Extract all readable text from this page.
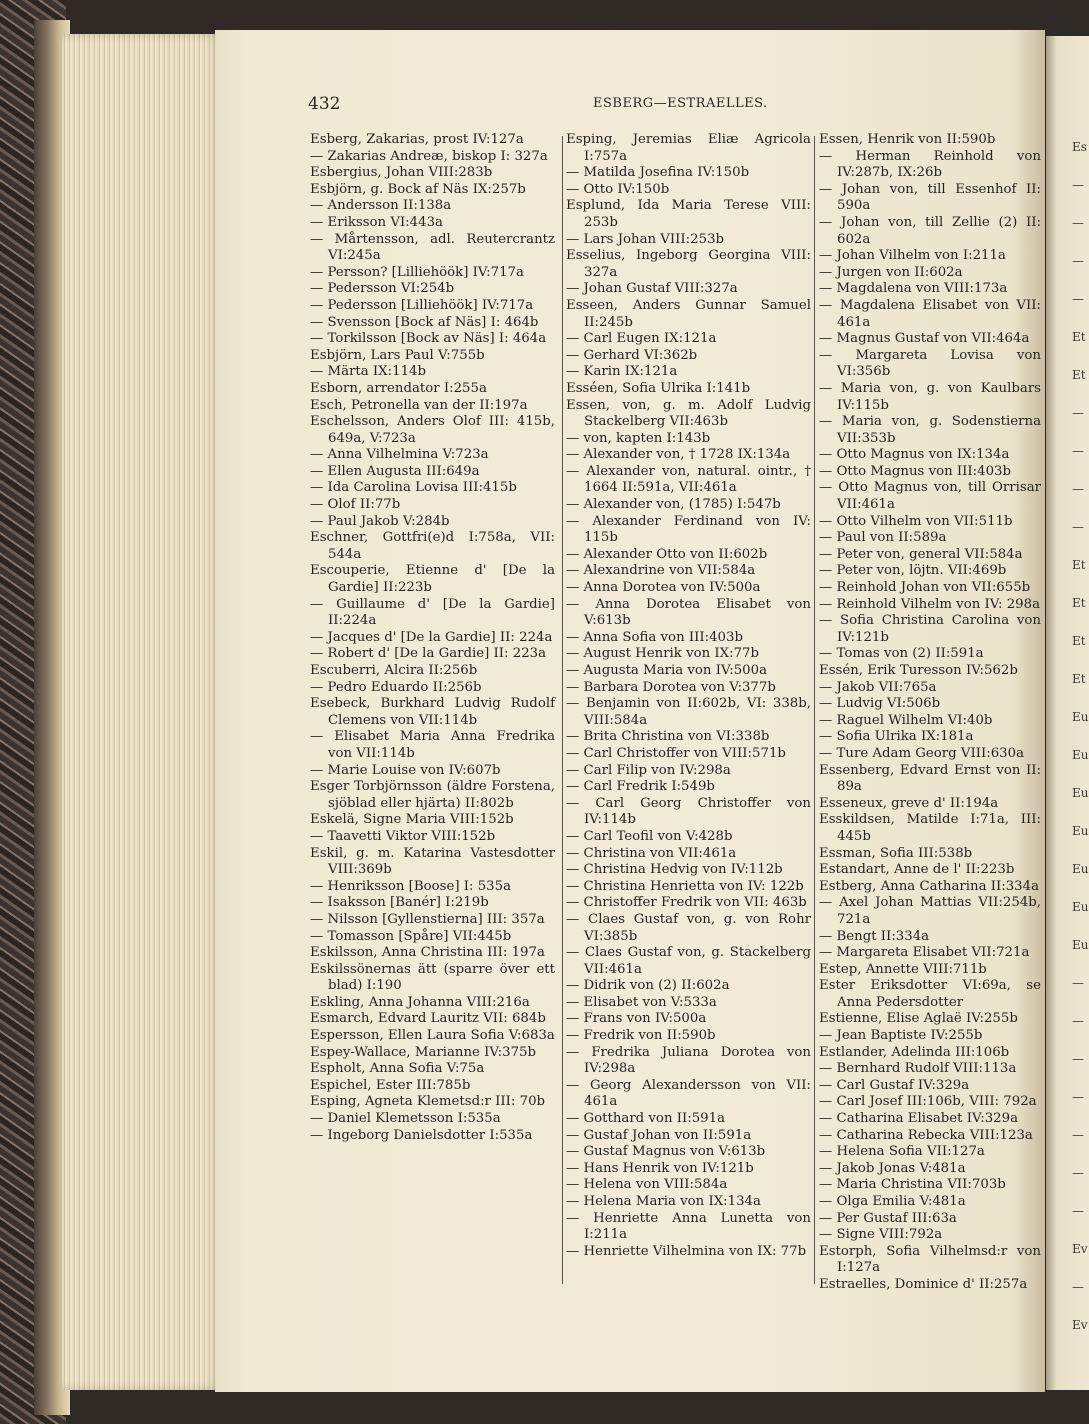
Es
—
—
—
—
Et
Et
—
—
—
—
Et
Et
Et
Et
Eu
Eu
Eu
Eu
Eu
Eu
Eu
—
—
—
—
—
—
—
Ev
—
Ev
432	ESBERG—ESTRAELLES.
Esberg, Zakarias, prost IV:127a
— Zakarias Andreæ, biskop I: 327a
Esbergius, Johan VIII:283b
Esbjörn, g. Bock af Näs IX:257b
— Andersson II:138a
— Eriksson VI:443a
— Mårtensson, adl. Reutercrantz VI:245a
— Persson? [Lilliehöök] IV:717a
— Pedersson VI:254b
— Pedersson [Lilliehöök] IV:717a
— Svensson [Bock af Näs] I: 464b
— Torkilsson [Bock av Näs] I: 464a
Esbjörn, Lars Paul V:755b
— Märta IX:114b
Esborn, arrendator I:255a
Esch, Petronella van der II:197a
Eschelsson, Anders Olof III: 415b, 649a, V:723a
— Anna Vilhelmina V:723a
— Ellen Augusta III:649a
— Ida Carolina Lovisa III:415b
— Olof II:77b
— Paul Jakob V:284b
Eschner, Gottfri(e)d I:758a, VII: 544a
Escouperie, Etienne d' [De la Gardie] II:223b
— Guillaume d' [De la Gardie] II:224a
— Jacques d' [De la Gardie] II: 224a
— Robert d' [De la Gardie] II: 223a
Escuberri, Alcira II:256b
— Pedro Eduardo II:256b
Esebeck, Burkhard Ludvig Rudolf Clemens von VII:114b
— Elisabet Maria Anna Fredrika von VII:114b
— Marie Louise von IV:607b
Esger Torbjörnsson (äldre Forstena, sjöblad eller hjärta) II:802b
Eskelä, Signe Maria VIII:152b
— Taavetti Viktor VIII:152b
Eskil, g. m. Katarina Vastesdotter VIII:369b
— Henriksson [Boose] I: 535a
— Isaksson [Banér] I:219b
— Nilsson [Gyllenstierna] III: 357a
— Tomasson [Spåre] VII:445b
Eskilsson, Anna Christina III: 197a
Eskilssönernas ätt (sparre över ett blad) I:190
Eskling, Anna Johanna VIII:216a
Esmarch, Edvard Lauritz VII: 684b
Espersson, Ellen Laura Sofia V:683a
Espey-Wallace, Marianne IV:375b
Espholt, Anna Sofia V:75a
Espichel, Ester III:785b
Esping, Agneta Klemetsd:r III: 70b
— Daniel Klemetsson I:535a
— Ingeborg Danielsdotter I:535a
Esping, Jeremias Eliæ Agricola I:757a
— Matilda Josefina IV:150b
— Otto IV:150b
Esplund, Ida Maria Terese VIII: 253b
— Lars Johan VIII:253b
Esselius, Ingeborg Georgina VIII: 327a
— Johan Gustaf VIII:327a
Esseen, Anders Gunnar Samuel II:245b
— Carl Eugen IX:121a
— Gerhard VI:362b
— Karin IX:121a
Esséen, Sofia Ulrika I:141b
Essen, von, g. m. Adolf Ludvig Stackelberg VII:463b
— von, kapten I:143b
— Alexander von, † 1728 IX:134a
— Alexander von, natural. ointr., † 1664 II:591a, VII:461a
— Alexander von, (1785) I:547b
— Alexander Ferdinand von IV: 115b
— Alexander Otto von II:602b
— Alexandrine von VII:584a
— Anna Dorotea von IV:500a
— Anna Dorotea Elisabet von V:613b
— Anna Sofia von III:403b
— August Henrik von IX:77b
— Augusta Maria von IV:500a
— Barbara Dorotea von V:377b
— Benjamin von II:602b, VI: 338b, VIII:584a
— Brita Christina von VI:338b
— Carl Christoffer von VIII:571b
— Carl Filip von IV:298a
— Carl Fredrik I:549b
— Carl Georg Christoffer von IV:114b
— Carl Teofil von V:428b
— Christina von VII:461a
— Christina Hedvig von IV:112b
— Christina Henrietta von IV: 122b
— Christoffer Fredrik von VII: 463b
— Claes Gustaf von, g. von Rohr VI:385b
— Claes Gustaf von, g. Stackelberg VII:461a
— Didrik von (2) II:602a
— Elisabet von V:533a
— Frans von IV:500a
— Fredrik von II:590b
— Fredrika Juliana Dorotea von IV:298a
— Georg Alexandersson von VII: 461a
— Gotthard von II:591a
— Gustaf Johan von II:591a
— Gustaf Magnus von V:613b
— Hans Henrik von IV:121b
— Helena von VIII:584a
— Helena Maria von IX:134a
— Henriette Anna Lunetta von I:211a
— Henriette Vilhelmina von IX: 77b
Essen, Henrik von II:590b
— Herman Reinhold von IV:287b, IX:26b
— Johan von, till Essenhof II: 590a
— Johan von, till Zellie (2) II: 602a
— Johan Vilhelm von I:211a
— Jurgen von II:602a
— Magdalena von VIII:173a
— Magdalena Elisabet von VII: 461a
— Magnus Gustaf von VII:464a
— Margareta Lovisa von VI:356b
— Maria von, g. von Kaulbars IV:115b
— Maria von, g. Sodenstierna VII:353b
— Otto Magnus von IX:134a
— Otto Magnus von III:403b
— Otto Magnus von, till Orrisar VII:461a
— Otto Vilhelm von VII:511b
— Paul von II:589a
— Peter von, general VII:584a
— Peter von, löjtn. VII:469b
— Reinhold Johan von VII:655b
— Reinhold Vilhelm von IV: 298a
— Sofia Christina Carolina von IV:121b
— Tomas von (2) II:591a
Essén, Erik Turesson IV:562b
— Jakob VII:765a
— Ludvig VI:506b
— Raguel Wilhelm VI:40b
— Sofia Ulrika IX:181a
— Ture Adam Georg VIII:630a
Essenberg, Edvard Ernst von II: 89a
Esseneux, greve d' II:194a
Esskildsen, Matilde I:71a, III: 445b
Essman, Sofia III:538b
Estandart, Anne de l' II:223b
Estberg, Anna Catharina II:334a
— Axel Johan Mattias VII:254b, 721a
— Bengt II:334a
— Margareta Elisabet VII:721a
Estep, Annette VIII:711b
Ester Eriksdotter VI:69a, se Anna Pedersdotter
Estienne, Elise Aglaë IV:255b
— Jean Baptiste IV:255b
Estlander, Adelinda III:106b
— Bernhard Rudolf VIII:113a
— Carl Gustaf IV:329a
— Carl Josef III:106b, VIII: 792a
— Catharina Elisabet IV:329a
— Catharina Rebecka VIII:123a
— Helena Sofia VII:127a
— Jakob Jonas V:481a
— Maria Christina VII:703b
— Olga Emilia V:481a
— Per Gustaf III:63a
— Signe VIII:792a
Estorph, Sofia Vilhelmsd:r von I:127a
Estraelles, Dominice d' II:257a
